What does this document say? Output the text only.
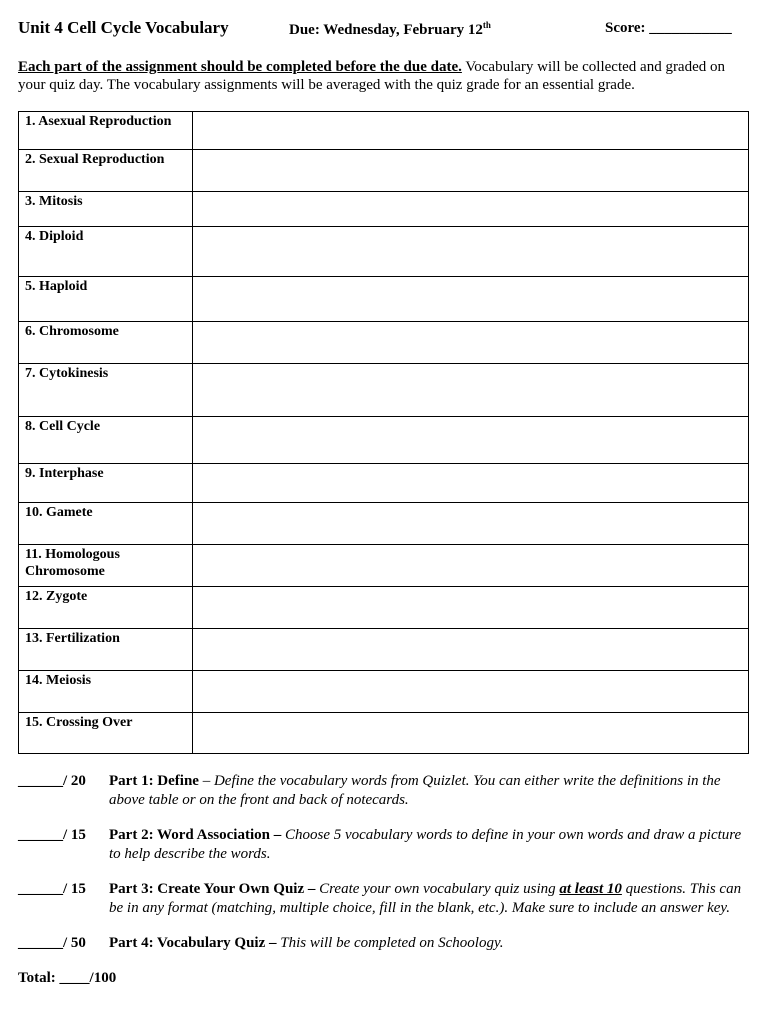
Unit 4 Cell Cycle Vocabulary	Due: Wednesday, February 12th	Score: ___________
Each part of the assignment should be completed before the due date. Vocabulary will be collected and graded on your quiz day. The vocabulary assignments will be averaged with the quiz grade for an essential grade.
1. Asexual Reproduction	
2. Sexual Reproduction	
3. Mitosis	
4. Diploid	
5. Haploid	
6. Chromosome	
7. Cytokinesis	
8. Cell Cycle	
9. Interphase	
10. Gamete	
11. Homologous Chromosome	
12. Zygote	
13. Fertilization	
14. Meiosis	
15. Crossing Over	
______/ 20 Part 1: Define – Define the vocabulary words from Quizlet. You can either write the definitions in the above table or on the front and back of notecards.
______/ 15 Part 2: Word Association – Choose 5 vocabulary words to define in your own words and draw a picture to help describe the words.
______/ 15 Part 3: Create Your Own Quiz – Create your own vocabulary quiz using at least 10 questions. This can be in any format (matching, multiple choice, fill in the blank, etc.). Make sure to include an answer key.
______/ 50 Part 4: Vocabulary Quiz – This will be completed on Schoology.
Total: ____/100
